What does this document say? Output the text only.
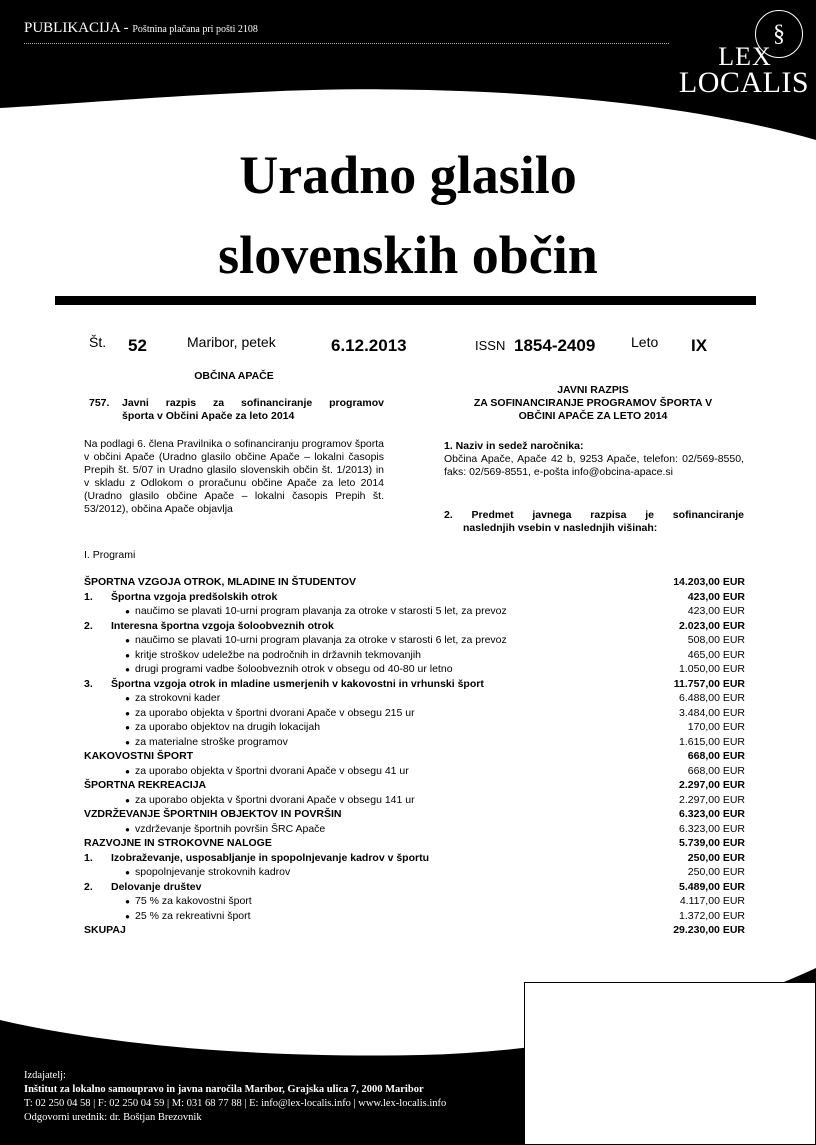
PUBLIKACIJA - Poštnina plačana pri pošti 2108	§
LEX
LOCALIS
Uradno glasilo
slovenskih občin
Št. 52	Maribor, petek	6.12.2013	ISSN 1854-2409	Leto IX
OBČINA APAČE
757. Javni razpis za sofinanciranje programov
športa v Občini Apače za leto 2014
Na podlagi 6. člena Pravilnika o sofinanciranju programov športa v občini Apače (Uradno glasilo občine Apače – lokalni časopis Prepih št. 5/07 in Uradno glasilo slovenskih občin št. 1/2013) in v skladu z Odlokom o proračunu občine Apače za leto 2014 (Uradno glasilo občine Apače – lokalni časopis Prepih št. 53/2012), občina Apače objavlja
JAVNI RAZPIS
ZA SOFINANCIRANJE PROGRAMOV ŠPORTA V
OBČINI APAČE ZA LETO 2014
1. Naziv in sedež naročnika:
Občina Apače, Apače 42 b, 9253 Apače, telefon: 02/569-8550, faks: 02/569-8551, e-pošta info@obcina-apace.si
2. Predmet javnega razpisa je sofinanciranje
naslednjih vsebin v naslednjih višinah:
I. Programi
ŠPORTNA VZGOJA OTROK, MLADINE IN ŠTUDENTOV	14.203,00 EUR
1. Športna vzgoja predšolskih otrok	423,00 EUR
● naučimo se plavati 10-urni program plavanja za otroke v starosti 5 let, za prevoz	423,00 EUR
2. Interesna športna vzgoja šoloobveznih otrok	2.023,00 EUR
● naučimo se plavati 10-urni program plavanja za otroke v starosti 6 let, za prevoz	508,00 EUR
● kritje stroškov udeležbe na področnih in državnih tekmovanjih	465,00 EUR
● drugi programi vadbe šoloobveznih otrok v obsegu od 40-80 ur letno	1.050,00 EUR
3. Športna vzgoja otrok in mladine usmerjenih v kakovostni in vrhunski šport	11.757,00 EUR
● za strokovni kader	6.488,00 EUR
● za uporabo objekta v športni dvorani Apače v obsegu 215 ur	3.484,00 EUR
● za uporabo objektov na drugih lokacijah	170,00 EUR
● za materialne stroške programov	1.615,00 EUR
KAKOVOSTNI ŠPORT	668,00 EUR
● za uporabo objekta v športni dvorani Apače v obsegu 41 ur	668,00 EUR
ŠPORTNA REKREACIJA	2.297,00 EUR
● za uporabo objekta v športni dvorani Apače v obsegu 141 ur	2.297,00 EUR
VZDRŽEVANJE ŠPORTNIH OBJEKTOV IN POVRŠIN	6.323,00 EUR
● vzdrževanje športnih površin ŠRC Apače	6.323,00 EUR
RAZVOJNE IN STROKOVNE NALOGE	5.739,00 EUR
1. Izobraževanje, usposabljanje in spopolnjevanje kadrov v športu	250,00 EUR
● spopolnjevanje strokovnih kadrov	250,00 EUR
2. Delovanje društev	5.489,00 EUR
● 75 % za kakovostni šport	4.117,00 EUR
● 25 % za rekreativni šport	1.372,00 EUR
SKUPAJ	29.230,00 EUR
Izdajatelj:
Inštitut za lokalno samoupravo in javna naročila Maribor, Grajska ulica 7, 2000 Maribor
T: 02 250 04 58 | F: 02 250 04 59 | M: 031 68 77 88 | E: info@lex-localis.info | www.lex-localis.info
Odgovorni urednik: dr. Boštjan Brezovnik
